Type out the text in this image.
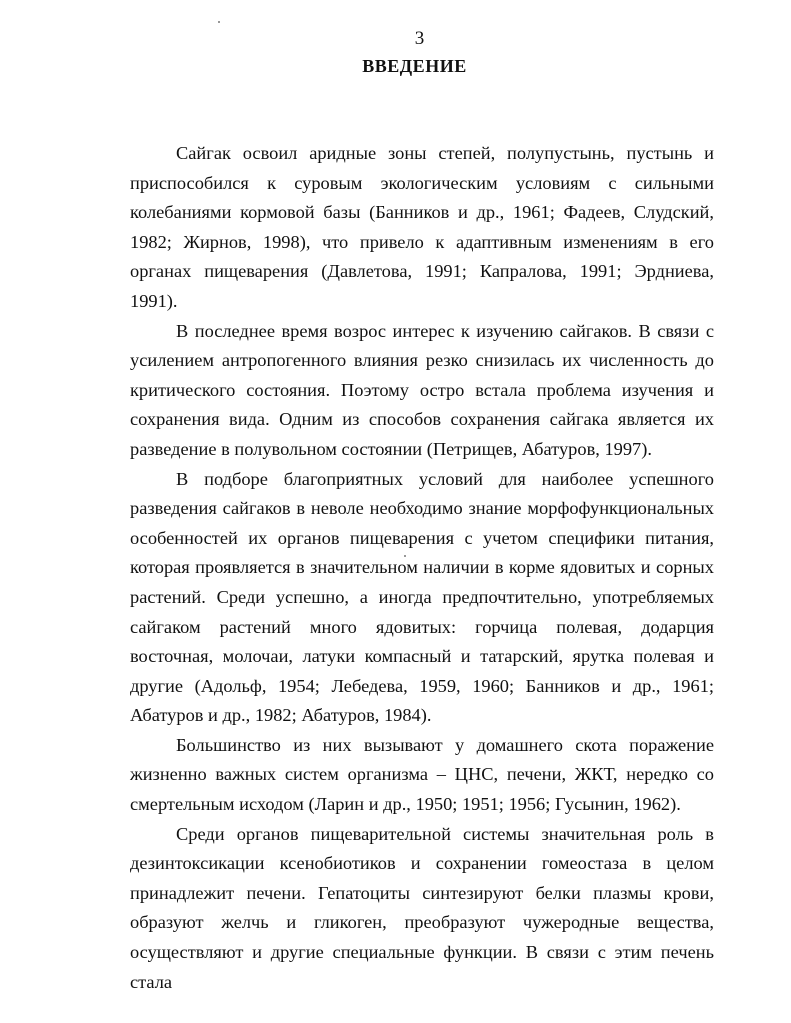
3
ВВЕДЕНИЕ

Сайгак освоил аридные зоны степей, полупустынь, пустынь и приспособился к суровым экологическим условиям с сильными колебаниями кормовой базы (Банников и др., 1961; Фадеев, Слудский, 1982; Жирнов, 1998), что привело к адаптивным изменениям в его органах пищеварения (Давлетова, 1991; Капралова, 1991; Эрдниева, 1991).

В последнее время возрос интерес к изучению сайгаков. В связи с усилением антропогенного влияния резко снизилась их численность до критического состояния. Поэтому остро встала проблема изучения и сохранения вида. Одним из способов сохранения сайгака является их разведение в полувольном состоянии (Петрищев, Абатуров, 1997).

В подборе благоприятных условий для наиболее успешного разведения сайгаков в неволе необходимо знание морфофункциональных особенностей их органов пищеварения с учетом специфики питания, которая проявляется в значительном наличии в корме ядовитых и сорных растений. Среди успешно, а иногда предпочтительно, употребляемых сайгаком растений много ядовитых: горчица полевая, додарция восточная, молочаи, латуки компасный и татарский, ярутка полевая и другие (Адольф, 1954; Лебедева, 1959, 1960; Банников и др., 1961; Абатуров и др., 1982; Абатуров, 1984).

Большинство из них вызывают у домашнего скота поражение жизненно важных систем организма – ЦНС, печени, ЖКТ, нередко со смертельным исходом (Ларин и др., 1950; 1951; 1956; Гусынин, 1962).

Среди органов пищеварительной системы значительная роль в дезинтоксикации ксенобиотиков и сохранении гомеостаза в целом принадлежит печени. Гепатоциты синтезируют белки плазмы крови, образуют желчь и гликоген, преобразуют чужеродные вещества, осуществляют и другие специальные функции. В связи с этим печень стала
